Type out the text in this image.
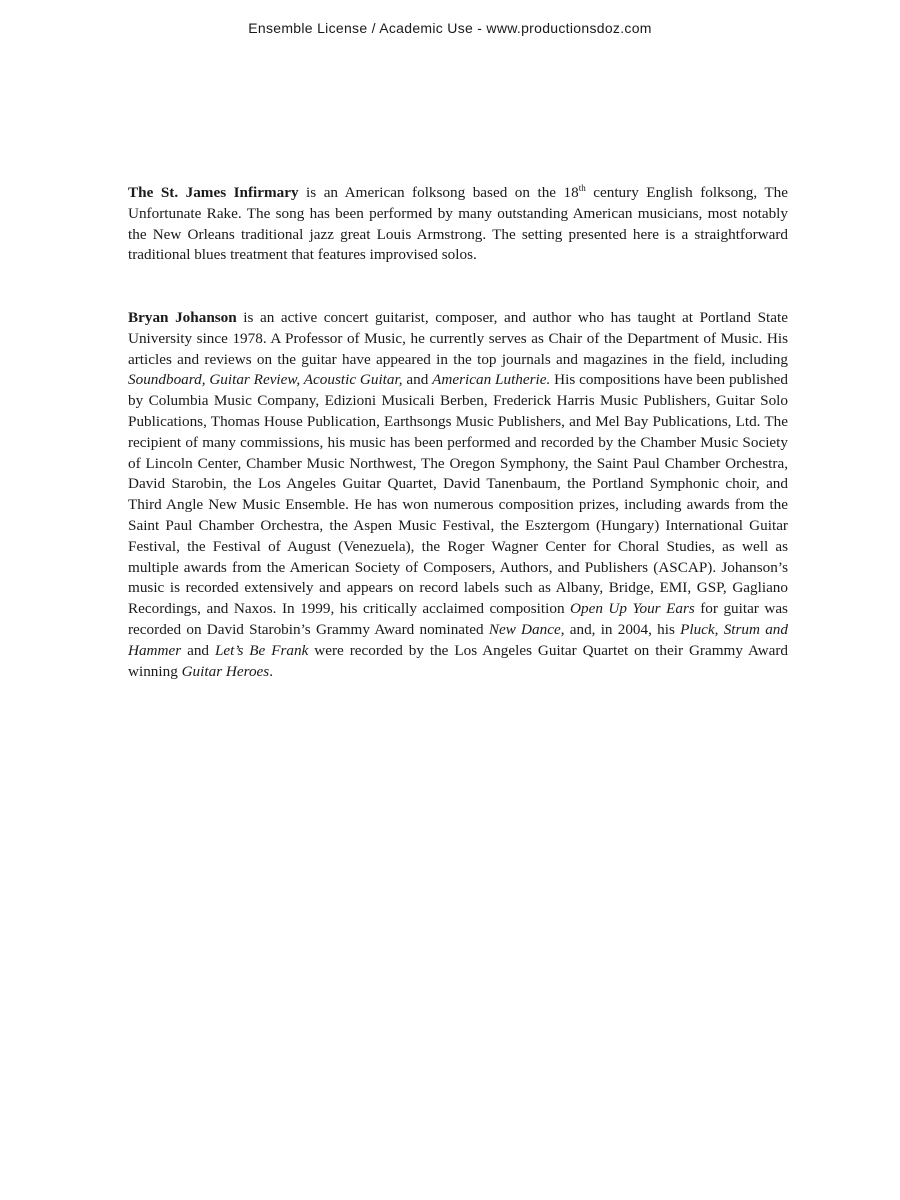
Ensemble License / Academic Use - www.productionsdoz.com

The St. James Infirmary is an American folksong based on the 18th century English folksong, The Unfortunate Rake. The song has been performed by many outstanding American musicians, most notably the New Orleans traditional jazz great Louis Armstrong. The setting presented here is a straightforward traditional blues treatment that features improvised solos.

Bryan Johanson is an active concert guitarist, composer, and author who has taught at Portland State University since 1978. A Professor of Music, he currently serves as Chair of the Department of Music. His articles and reviews on the guitar have appeared in the top journals and magazines in the field, including Soundboard, Guitar Review, Acoustic Guitar, and American Lutherie. His compositions have been published by Columbia Music Company, Edizioni Musicali Berben, Frederick Harris Music Publishers, Guitar Solo Publications, Thomas House Publication, Earthsongs Music Publishers, and Mel Bay Publications, Ltd. The recipient of many commissions, his music has been performed and recorded by the Chamber Music Society of Lincoln Center, Chamber Music Northwest, The Oregon Symphony, the Saint Paul Chamber Orchestra, David Starobin, the Los Angeles Guitar Quartet, David Tanenbaum, the Portland Symphonic choir, and Third Angle New Music Ensemble. He has won numerous composition prizes, including awards from the Saint Paul Chamber Orchestra, the Aspen Music Festival, the Esztergom (Hungary) International Guitar Festival, the Festival of August (Venezuela), the Roger Wagner Center for Choral Studies, as well as multiple awards from the American Society of Composers, Authors, and Publishers (ASCAP). Johanson’s music is recorded extensively and appears on record labels such as Albany, Bridge, EMI, GSP, Gagliano Recordings, and Naxos. In 1999, his critically acclaimed composition Open Up Your Ears for guitar was recorded on David Starobin’s Grammy Award nominated New Dance, and, in 2004, his Pluck, Strum and Hammer and Let’s Be Frank were recorded by the Los Angeles Guitar Quartet on their Grammy Award winning Guitar Heroes.
